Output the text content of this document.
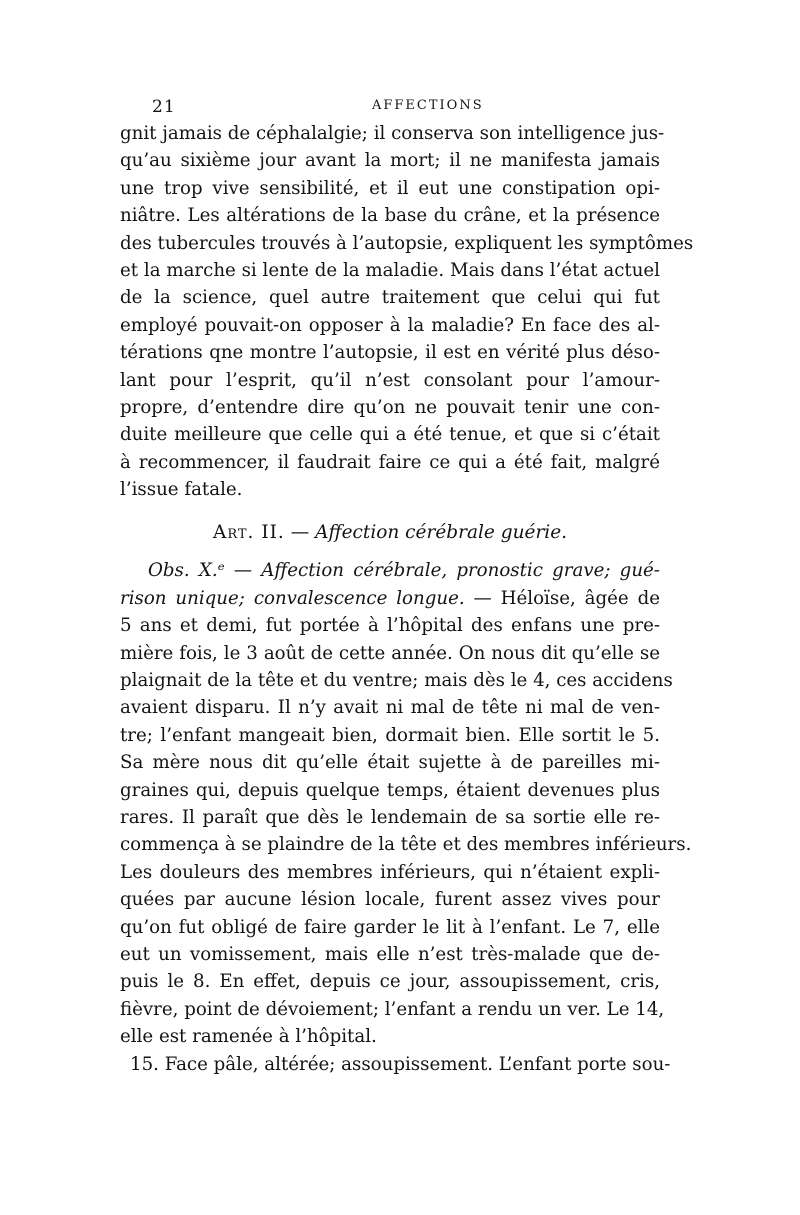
21	AFFECTIONS
gnit jamais de céphalalgie; il conserva son intelligence jus-
qu’au sixième jour avant la mort; il ne manifesta jamais
une trop vive sensibilité, et il eut une constipation opi-
niâtre. Les altérations de la base du crâne, et la présence
des tubercules trouvés à l’autopsie, expliquent les symptômes
et la marche si lente de la maladie. Mais dans l’état actuel
de la science, quel autre traitement que celui qui fut
employé pouvait-on opposer à la maladie? En face des al-
térations qne montre l’autopsie, il est en vérité plus déso-
lant pour l’esprit, qu’il n’est consolant pour l’amour-
propre, d’entendre dire qu’on ne pouvait tenir une con-
duite meilleure que celle qui a été tenue, et que si c’était
à recommencer, il faudrait faire ce qui a été fait, malgré
l’issue fatale.
Art. II. — Affection cérébrale guérie.
Obs. X.ᵉ — Affection cérébrale, pronostic grave; gué-
rison unique; convalescence longue. — Héloïse, âgée de
5 ans et demi, fut portée à l’hôpital des enfans une pre-
mière fois, le 3 août de cette année. On nous dit qu’elle se
plaignait de la tête et du ventre; mais dès le 4, ces accidens
avaient disparu. Il n’y avait ni mal de tête ni mal de ven-
tre; l’enfant mangeait bien, dormait bien. Elle sortit le 5.
Sa mère nous dit qu’elle était sujette à de pareilles mi-
graines qui, depuis quelque temps, étaient devenues plus
rares. Il paraît que dès le lendemain de sa sortie elle re-
commença à se plaindre de la tête et des membres inférieurs.
Les douleurs des membres inférieurs, qui n’étaient expli-
quées par aucune lésion locale, furent assez vives pour
qu’on fut obligé de faire garder le lit à l’enfant. Le 7, elle
eut un vomissement, mais elle n’est très-malade que de-
puis le 8. En effet, depuis ce jour, assoupissement, cris,
fièvre, point de dévoiement; l’enfant a rendu un ver. Le 14,
elle est ramenée à l’hôpital.
15. Face pâle, altérée; assoupissement. L’enfant porte sou-
